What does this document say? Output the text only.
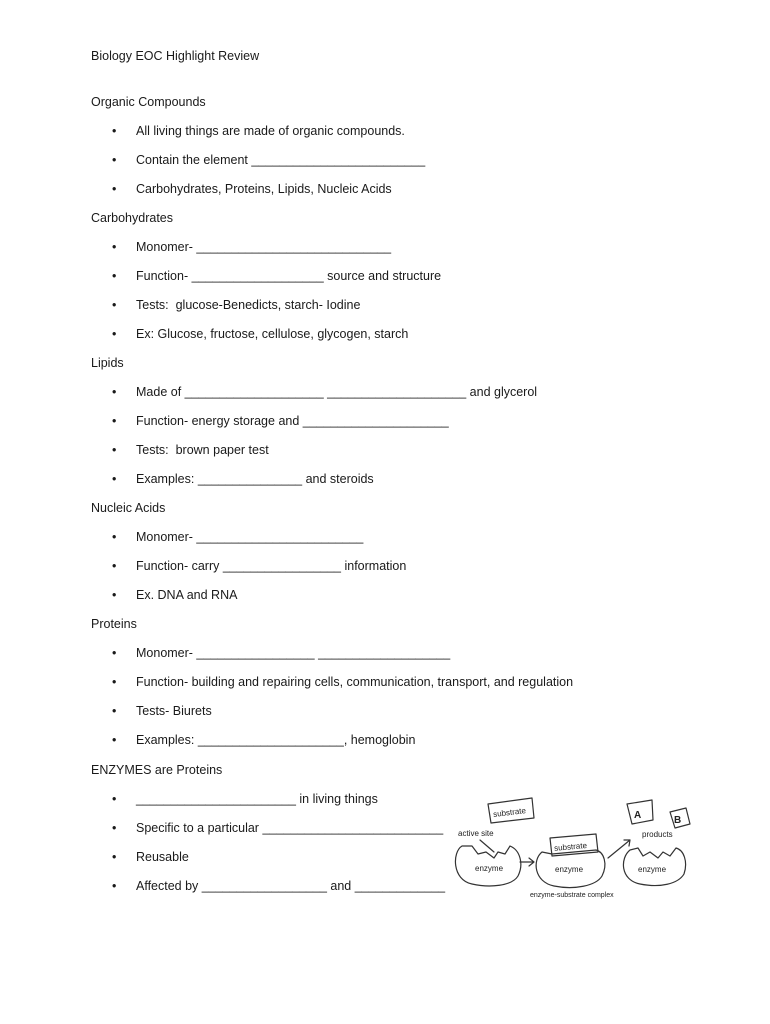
Biology EOC Highlight Review
Organic Compounds
• All living things are made of organic compounds.
• Contain the element _________________________
• Carbohydrates, Proteins, Lipids, Nucleic Acids
Carbohydrates
• Monomer- ____________________________
• Function- ___________________ source and structure
• Tests:  glucose-Benedicts, starch- Iodine
• Ex: Glucose, fructose, cellulose, glycogen, starch
Lipids
• Made of ____________________ ____________________ and glycerol
• Function- energy storage and _____________________
• Tests:  brown paper test
• Examples: _______________ and steroids
Nucleic Acids
• Monomer- ________________________
• Function- carry _________________ information
• Ex. DNA and RNA
Proteins
• Monomer- _________________ ___________________
• Function- building and repairing cells, communication, transport, and regulation
• Tests- Biurets
• Examples: _____________________, hemoglobin
ENZYMES are Proteins
• _______________________ in living things
• Specific to a particular __________________________
• Reusable
• Affected by __________________ and _____________
substrate
active site
enzyme
substrate
enzyme
enzyme-substrate complex
A	B
products
enzyme
